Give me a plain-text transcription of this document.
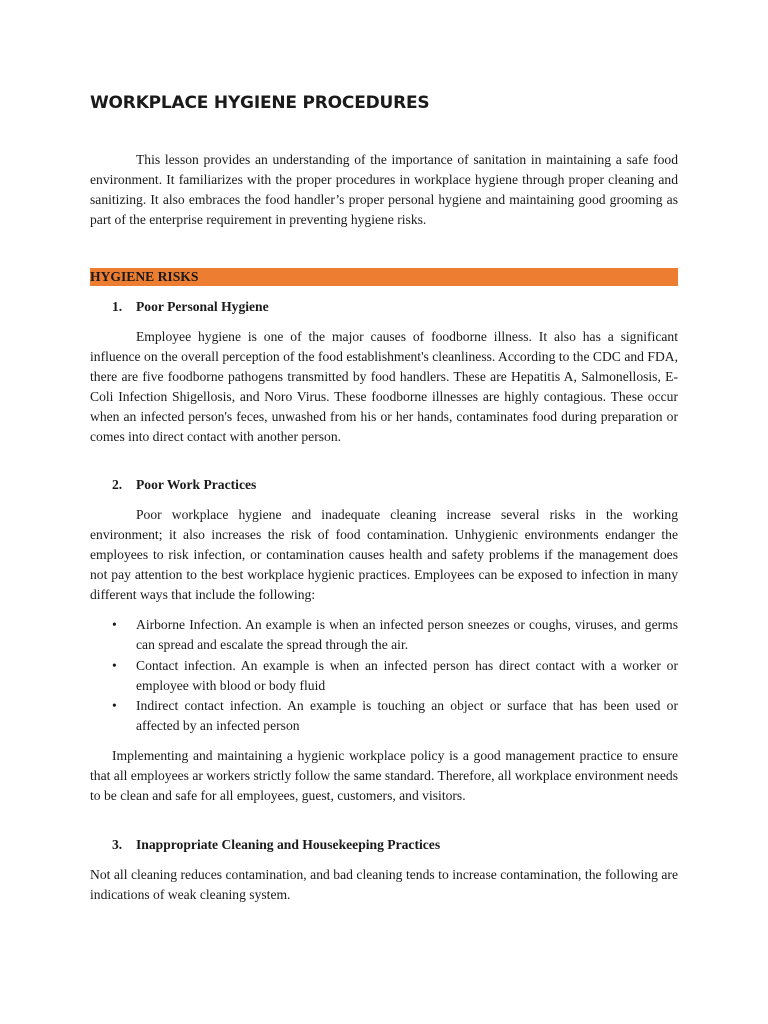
WORKPLACE HYGIENE PROCEDURES

This lesson provides an understanding of the importance of sanitation in maintaining a safe food environment. It familiarizes with the proper procedures in workplace hygiene through proper cleaning and sanitizing. It also embraces the food handler’s proper personal hygiene and maintaining good grooming as part of the enterprise requirement in preventing hygiene risks.

HYGIENE RISKS
1. Poor Personal Hygiene

Employee hygiene is one of the major causes of foodborne illness. It also has a significant influence on the overall perception of the food establishment's cleanliness. According to the CDC and FDA, there are five foodborne pathogens transmitted by food handlers. These are Hepatitis A, Salmonellosis, E-Coli Infection Shigellosis, and Noro Virus. These foodborne illnesses are highly contagious. These occur when an infected person's feces, unwashed from his or her hands, contaminates food during preparation or comes into direct contact with another person.

2. Poor Work Practices

Poor workplace hygiene and inadequate cleaning increase several risks in the working environment; it also increases the risk of food contamination. Unhygienic environments endanger the employees to risk infection, or contamination causes health and safety problems if the management does not pay attention to the best workplace hygienic practices. Employees can be exposed to infection in many different ways that include the following:

•	Airborne Infection. An example is when an infected person sneezes or coughs, viruses, and germs can spread and escalate the spread through the air.
•	Contact infection. An example is when an infected person has direct contact with a worker or employee with blood or body fluid
•	Indirect contact infection. An example is touching an object or surface that has been used or affected by an infected person

Implementing and maintaining a hygienic workplace policy is a good management practice to ensure that all employees ar workers strictly follow the same standard. Therefore, all workplace environment needs to be clean and safe for all employees, guest, customers, and visitors.

3. Inappropriate Cleaning and Housekeeping Practices

Not all cleaning reduces contamination, and bad cleaning tends to increase contamination, the following are indications of weak cleaning system.
